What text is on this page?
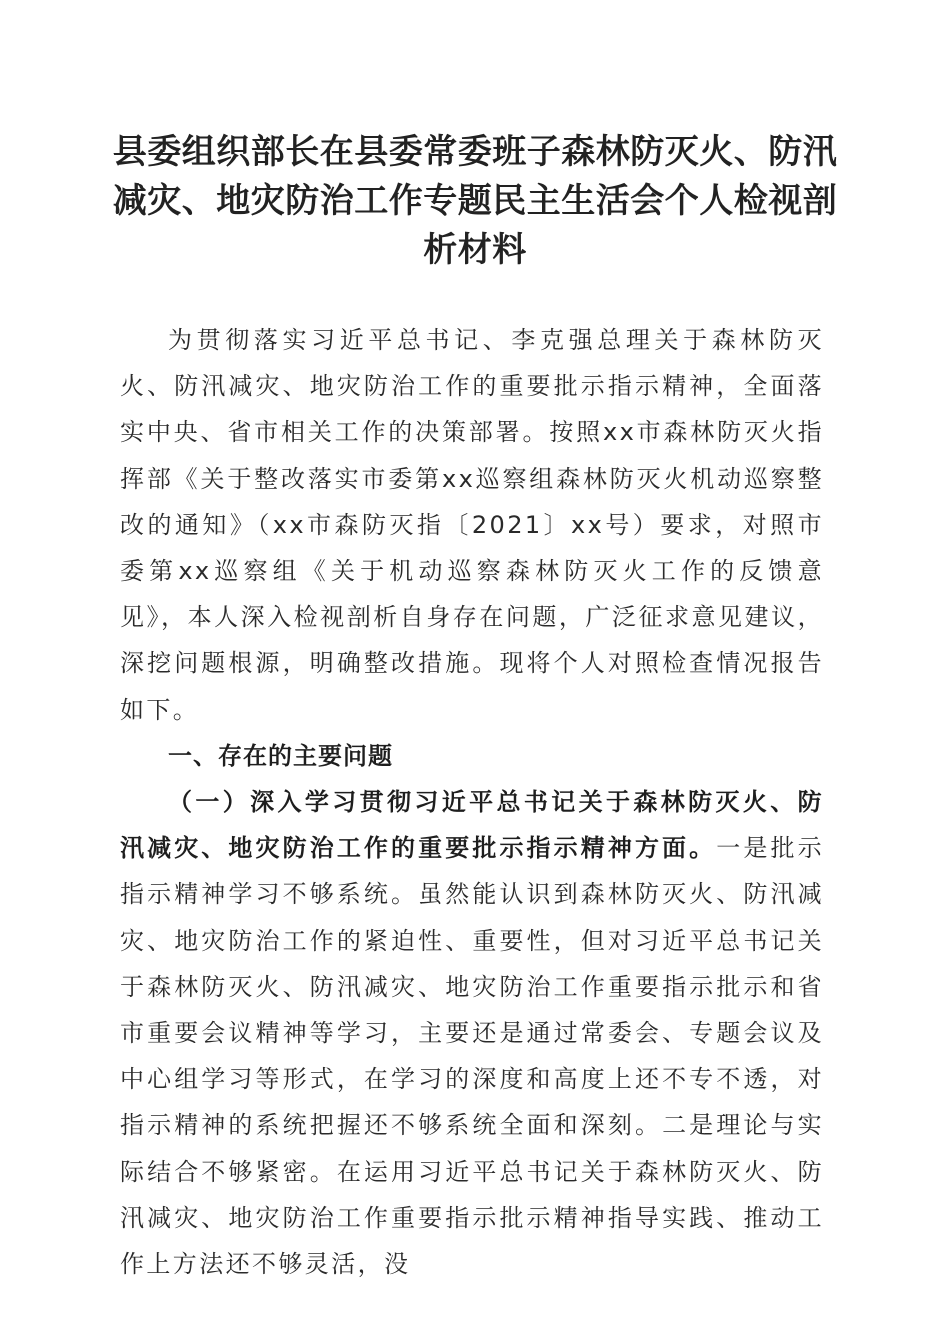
县委组织部长在县委常委班子森林防灭火、防汛减灾、地灾防治工作专题民主生活会个人检视剖析材料

为贯彻落实习近平总书记、李克强总理关于森林防灭火、防汛减灾、地灾防治工作的重要批示指示精神，全面落实中央、省市相关工作的决策部署。按照xx市森林防灭火指挥部《关于整改落实市委第xx巡察组森林防灭火机动巡察整改的通知》（xx市森防灭指〔2021〕xx号）要求，对照市委第xx巡察组《关于机动巡察森林防灭火工作的反馈意见》，本人深入检视剖析自身存在问题，广泛征求意见建议，深挖问题根源，明确整改措施。现将个人对照检查情况报告如下。

一、存在的主要问题

（一）深入学习贯彻习近平总书记关于森林防灭火、防汛减灾、地灾防治工作的重要批示指示精神方面。一是批示指示精神学习不够系统。虽然能认识到森林防灭火、防汛减灾、地灾防治工作的紧迫性、重要性，但对习近平总书记关于森林防灭火、防汛减灾、地灾防治工作重要指示批示和省市重要会议精神等学习，主要还是通过常委会、专题会议及中心组学习等形式，在学习的深度和高度上还不专不透，对指示精神的系统把握还不够系统全面和深刻。二是理论与实际结合不够紧密。在运用习近平总书记关于森林防灭火、防汛减灾、地灾防治工作重要指示批示精神指导实践、推动工作上方法还不够灵活，没
